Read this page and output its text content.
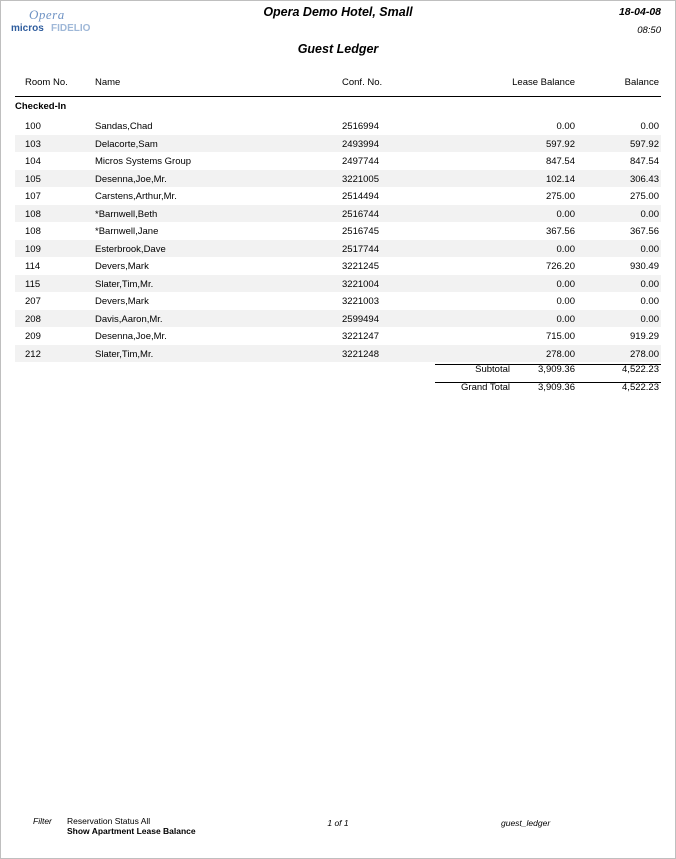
Opera
micros FIDELIO
Opera Demo Hotel, Small	18-04-08
08:50
Guest Ledger
Room No.	Name	Conf. No.	Lease Balance	Balance
Checked-In
100	Sandas,Chad	2516994	0.00	0.00
103	Delacorte,Sam	2493994	597.92	597.92
104	Micros Systems Group	2497744	847.54	847.54
105	Desenna,Joe,Mr.	3221005	102.14	306.43
107	Carstens,Arthur,Mr.	2514494	275.00	275.00
108	*Barnwell,Beth	2516744	0.00	0.00
108	*Barnwell,Jane	2516745	367.56	367.56
109	Esterbrook,Dave	2517744	0.00	0.00
114	Devers,Mark	3221245	726.20	930.49
115	Slater,Tim,Mr.	3221004	0.00	0.00
207	Devers,Mark	3221003	0.00	0.00
208	Davis,Aaron,Mr.	2599494	0.00	0.00
209	Desenna,Joe,Mr.	3221247	715.00	919.29
212	Slater,Tim,Mr.	3221248	278.00	278.00
Subtotal	3,909.36	4,522.23
Grand Total	3,909.36	4,522.23
Filter Reservation Status All
Show Apartment Lease Balance
1 of 1	guest_ledger
